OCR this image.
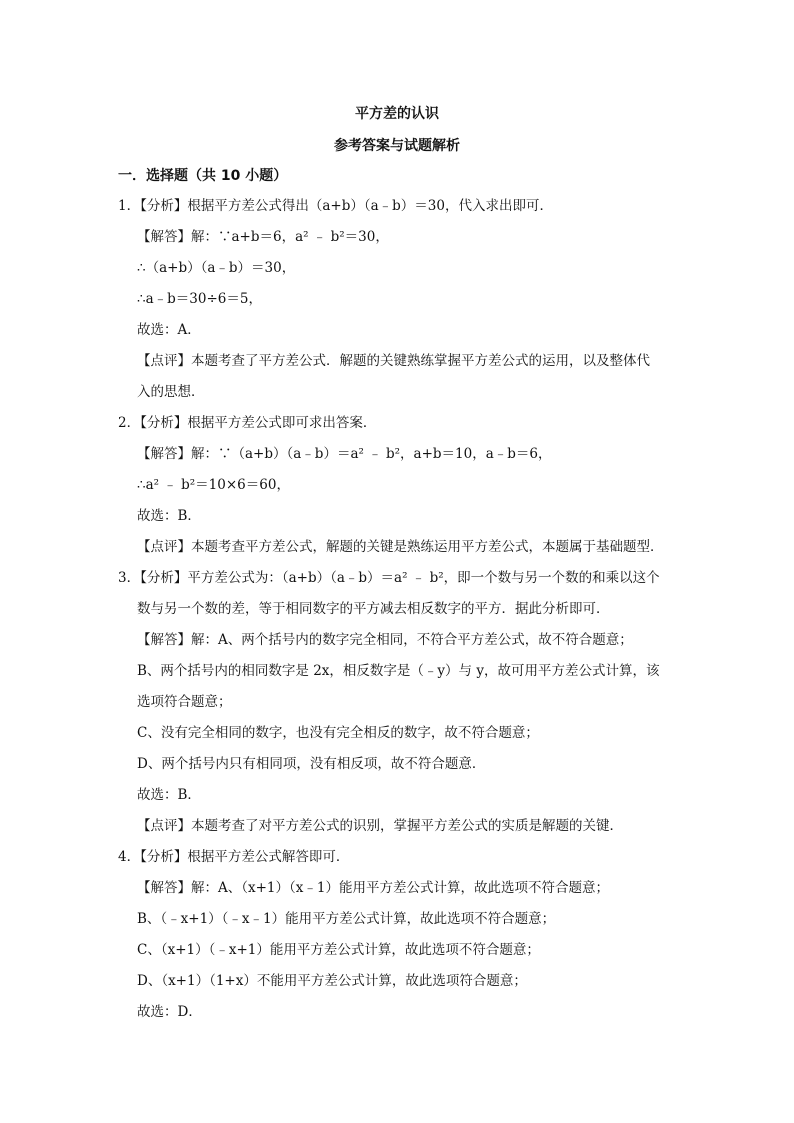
平方差的认识
参考答案与试题解析
一．选择题（共 10 小题）
1．【分析】根据平方差公式得出（a+b）（a﹣b）＝30，代入求出即可．
【解答】解：∵a+b＝6，a² ﹣ b²＝30，
∴（a+b）（a﹣b）＝30，
∴a﹣b＝30÷6＝5，
故选：A．
【点评】本题考查了平方差公式．解题的关键熟练掌握平方差公式的运用，以及整体代
入的思想．
2．【分析】根据平方差公式即可求出答案．
【解答】解：∵（a+b）（a﹣b）＝a² ﹣ b²，a+b＝10，a﹣b＝6，
∴a² ﹣ b²＝10×6＝60，
故选：B．
【点评】本题考查平方差公式，解题的关键是熟练运用平方差公式，本题属于基础题型．
3．【分析】平方差公式为：（a+b）（a﹣b）＝a² ﹣ b²，即一个数与另一个数的和乘以这个
数与另一个数的差，等于相同数字的平方减去相反数字的平方．据此分析即可．
【解答】解：A、两个括号内的数字完全相同，不符合平方差公式，故不符合题意；
B、两个括号内的相同数字是 2x，相反数字是（﹣y）与 y，故可用平方差公式计算，该
选项符合题意；
C、没有完全相同的数字，也没有完全相反的数字，故不符合题意；
D、两个括号内只有相同项，没有相反项，故不符合题意．
故选：B．
【点评】本题考查了对平方差公式的识别，掌握平方差公式的实质是解题的关键．
4．【分析】根据平方差公式解答即可．
【解答】解：A、（x+1）（x﹣1）能用平方差公式计算，故此选项不符合题意；
B、（﹣x+1）（﹣x﹣1）能用平方差公式计算，故此选项不符合题意；
C、（x+1）（﹣x+1）能用平方差公式计算，故此选项不符合题意；
D、（x+1）（1+x）不能用平方差公式计算，故此选项符合题意；
故选：D．
